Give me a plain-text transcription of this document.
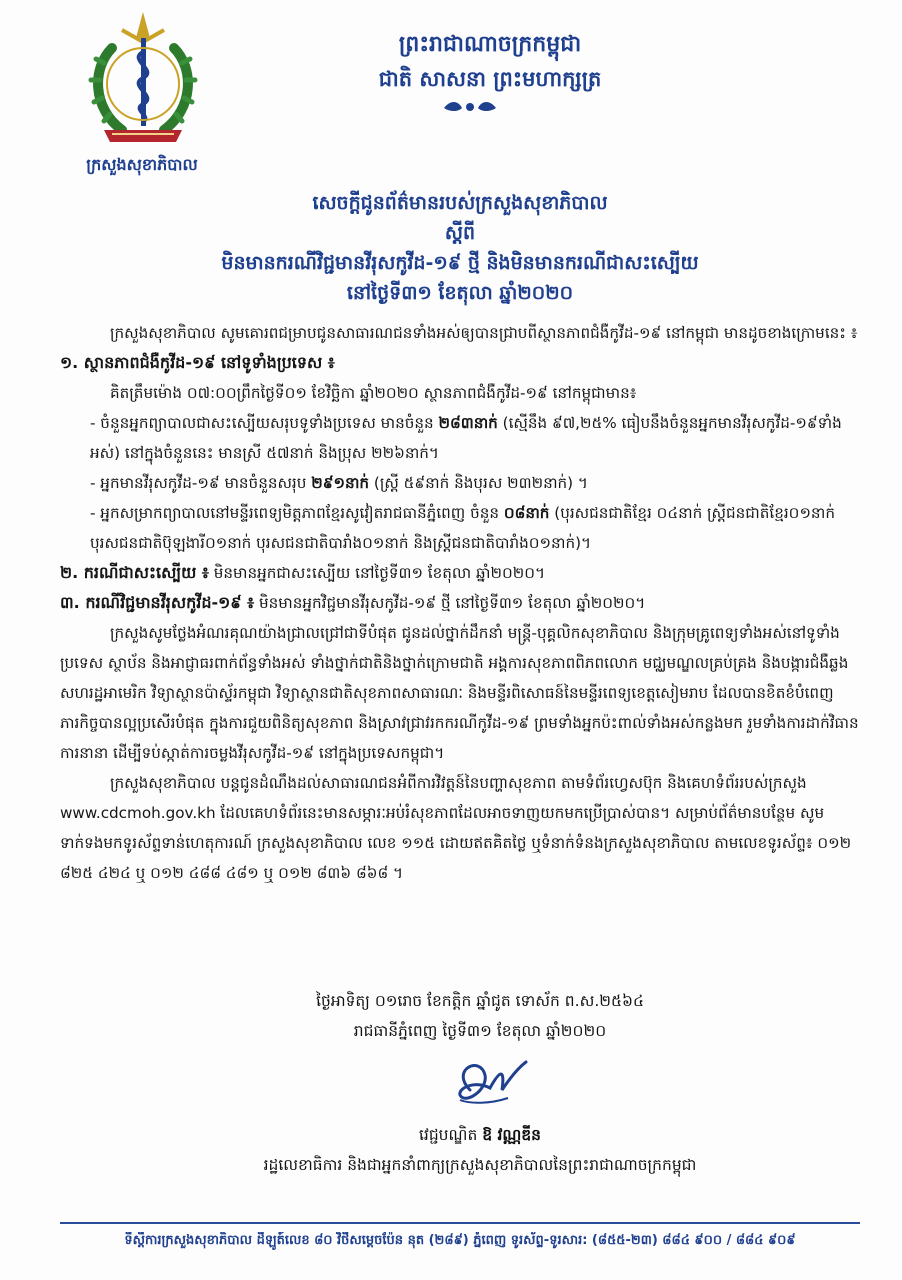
ក្រសួងសុខាភិបាល
ព្រះរាជាណាចក្រកម្ពុជា
ជាតិ សាសនា ព្រះមហាក្សត្រ
សេចក្តីជូនព័ត៌មានរបស់ក្រសួងសុខាភិបាល
ស្តីពី
មិនមានករណីវិជ្ជមានវីរុសកូវីដ-១៩ ថ្មី និងមិនមានករណីជាសះស្បើយ
នៅថ្ងៃទី៣១ ខែតុលា ឆ្នាំ២០២០

ក្រសួងសុខាភិបាល សូមគោរពជម្រាបជូនសាធារណជនទាំងអស់ឲ្យបានជ្រាបពីស្ថានភាពជំងឺកូវីដ-១៩ នៅកម្ពុជា មានដូចខាងក្រោមនេះ ៖

១. ស្ថានភាពជំងឺកូវីដ-១៩ នៅទូទាំងប្រទេស ៖

គិតត្រឹមម៉ោង ០៧:០០ព្រឹកថ្ងៃទី០១ ខែវិច្ឆិកា ឆ្នាំ២០២០ ស្ថានភាពជំងឺកូវីដ-១៩ នៅកម្ពុជាមាន៖

- ចំនួនអ្នកព្យាបាលជាសះស្បើយសរុបទូទាំងប្រទេស មានចំនួន ២៨៣នាក់ (ស្មើនឹង ៩៧,២៥% ធៀបនឹងចំនួនអ្នកមានវីរុសកូវីដ-១៩ទាំងអស់) នៅក្នុងចំនួននេះ មានស្រី ៥៧នាក់ និងប្រុស ២២៦នាក់។

- អ្នកមានវីរុសកូវីដ-១៩ មានចំនួនសរុប ២៩១នាក់ (ស្ត្រី ៥៩នាក់ និងបុរស ២៣២នាក់) ។

- អ្នកសម្រាកព្យាបាលនៅមន្ទីរពេទ្យមិត្តភាពខ្មែរសូវៀតរាជធានីភ្នំពេញ ចំនួន ០៨នាក់ (បុរសជនជាតិខ្មែរ ០៤នាក់ ស្ត្រីជនជាតិខ្មែរ០១នាក់ បុរសជនជាតិប៊ុឡងារី០១នាក់ បុរសជនជាតិបារាំង០១នាក់ និងស្ត្រីជនជាតិបារាំង០១នាក់)។

២. ករណីជាសះស្បើយ ៖ មិនមានអ្នកជាសះស្បើយ នៅថ្ងៃទី៣១ ខែតុលា ឆ្នាំ២០២០។

៣. ករណីវិជ្ជមានវីរុសកូវីដ-១៩ ៖ មិនមានអ្នកវិជ្ជមានវីរុសកូវីដ-១៩ ថ្មី នៅថ្ងៃទី៣១ ខែតុលា ឆ្នាំ២០២០។

ក្រសួងសូមថ្លែងអំណរគុណយ៉ាងជ្រាលជ្រៅជាទីបំផុត ជូនដល់ថ្នាក់ដឹកនាំ មន្ត្រី-បុគ្គលិកសុខាភិបាល និងក្រុមគ្រូពេទ្យទាំងអស់នៅទូទាំងប្រទេស ស្ថាប័ន និងអាជ្ញាធរពាក់ព័ន្ធទាំងអស់ ទាំងថ្នាក់ជាតិនិងថ្នាក់ក្រោមជាតិ អង្គការសុខភាពពិភពលោក មជ្ឈមណ្ឌលគ្រប់គ្រង និងបង្ការជំងឺឆ្លងសហរដ្ឋអាមេរិក វិទ្យាស្ថានប៉ាស្ទ័រកម្ពុជា វិទ្យាស្ថានជាតិសុខភាពសាធារណៈ និងមន្ទីរពិសោធន៍នៃមន្ទីរពេទ្យខេត្តសៀមរាប ដែលបានខិតខំបំពេញភារកិច្ចបានល្អប្រសើរបំផុត ក្នុងការជួយពិនិត្យសុខភាព និងស្រាវជ្រាវរកករណីកូវីដ-១៩ ព្រមទាំងអ្នកប៉ះពាល់ទាំងអស់កន្លងមក រួមទាំងការដាក់វិធានការនានា ដើម្បីទប់ស្កាត់ការចម្លងវីរុសកូវីដ-១៩ នៅក្នុងប្រទេសកម្ពុជា។

ក្រសួងសុខាភិបាល បន្តជូនដំណឹងដល់សាធារណជនអំពីការវិវត្តន៍នៃបញ្ហាសុខភាព តាមទំព័រហ្វេសប៊ុក និងគេហទំព័ររបស់ក្រសួង www.cdcmoh.gov.kh ដែលគេហទំព័រនេះមានសម្ភារៈអប់រំសុខភាពដែលអាចទាញយកមកប្រើប្រាស់បាន។ សម្រាប់ព័ត៌មានបន្ថែម សូមទាក់ទងមកទូរស័ព្ទទាន់ហេតុការណ៍ ក្រសួងសុខាភិបាល លេខ ១១៥ ដោយឥតគិតថ្លៃ ឬទំនាក់ទំនងក្រសួងសុខាភិបាល តាមលេខទូរស័ព្ទ៖ ០១២ ៨២៥ ៤២៤ ឬ ០១២ ៤៨៨ ៤៨១ ឬ ០១២ ៨៣៦ ៨៦៨ ។

ថ្ងៃអាទិត្យ ០១រោច ខែកត្តិក ឆ្នាំជូត ទោស័ក ព.ស.២៥៦៤
រាជធានីភ្នំពេញ ថ្ងៃទី៣១ ខែតុលា ឆ្នាំ២០២០
វេជ្ជបណ្ឌិត ឱ វណ្ណឌីន
រដ្ឋលេខាធិការ និងជាអ្នកនាំពាក្យក្រសួងសុខាភិបាលនៃព្រះរាជាណាចក្រកម្ពុជា
ទីស្តីការក្រសួងសុខាភិបាល ដីឡូត៍លេខ ៨០ វិថីសម្តេចប៉ែន នុត (២៨៩) ភ្នំពេញ ទូរស័ព្ទ-ទូរសារ: (៨៥៥-២៣) ៨៨៤ ៩០០ / ៨៨៤ ៩០៩
